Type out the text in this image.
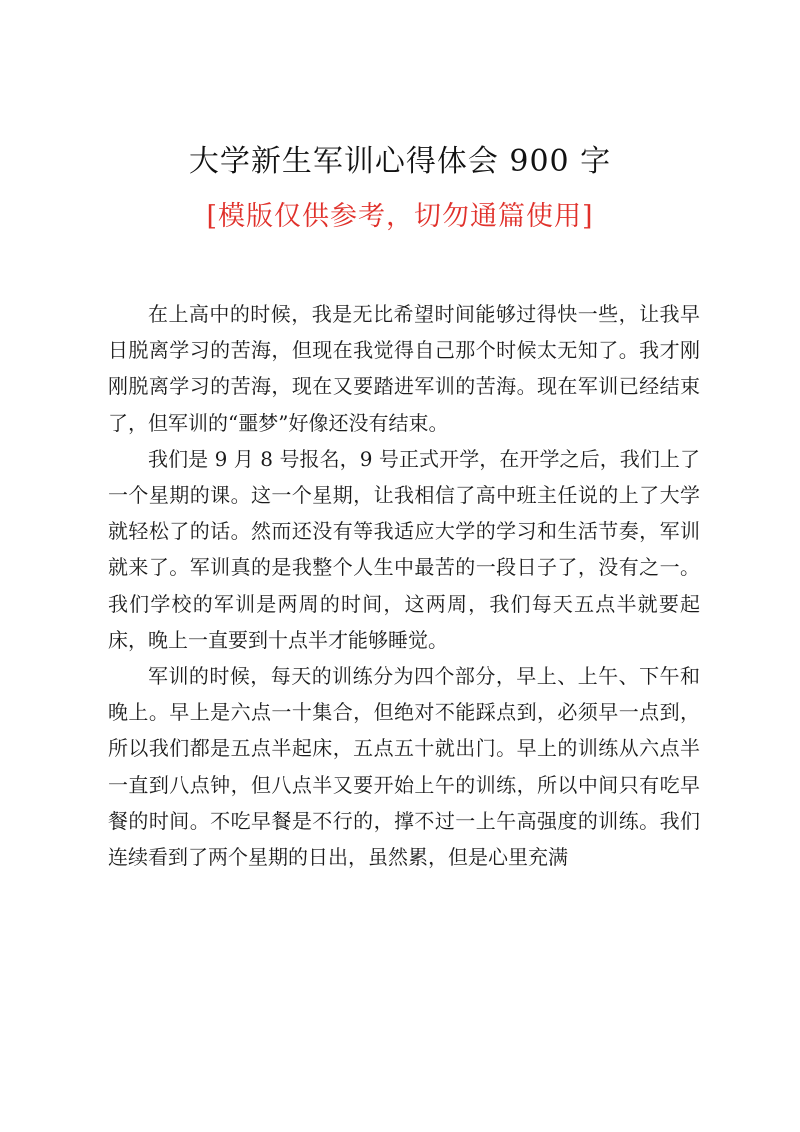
大学新生军训心得体会 900 字
[模版仅供参考，切勿通篇使用]

在上高中的时候，我是无比希望时间能够过得快一些，让我早日脱离学习的苦海，但现在我觉得自己那个时候太无知了。我才刚刚脱离学习的苦海，现在又要踏进军训的苦海。现在军训已经结束了，但军训的“噩梦”好像还没有结束。

我们是 9 月 8 号报名，9 号正式开学，在开学之后，我们上了一个星期的课。这一个星期，让我相信了高中班主任说的上了大学就轻松了的话。然而还没有等我适应大学的学习和生活节奏，军训就来了。军训真的是我整个人生中最苦的一段日子了，没有之一。我们学校的军训是两周的时间，这两周，我们每天五点半就要起床，晚上一直要到十点半才能够睡觉。

军训的时候，每天的训练分为四个部分，早上、上午、下午和晚上。早上是六点一十集合，但绝对不能踩点到，必须早一点到，所以我们都是五点半起床，五点五十就出门。早上的训练从六点半一直到八点钟，但八点半又要开始上午的训练，所以中间只有吃早餐的时间。不吃早餐是不行的，撑不过一上午高强度的训练。我们连续看到了两个星期的日出，虽然累，但是心里充满
